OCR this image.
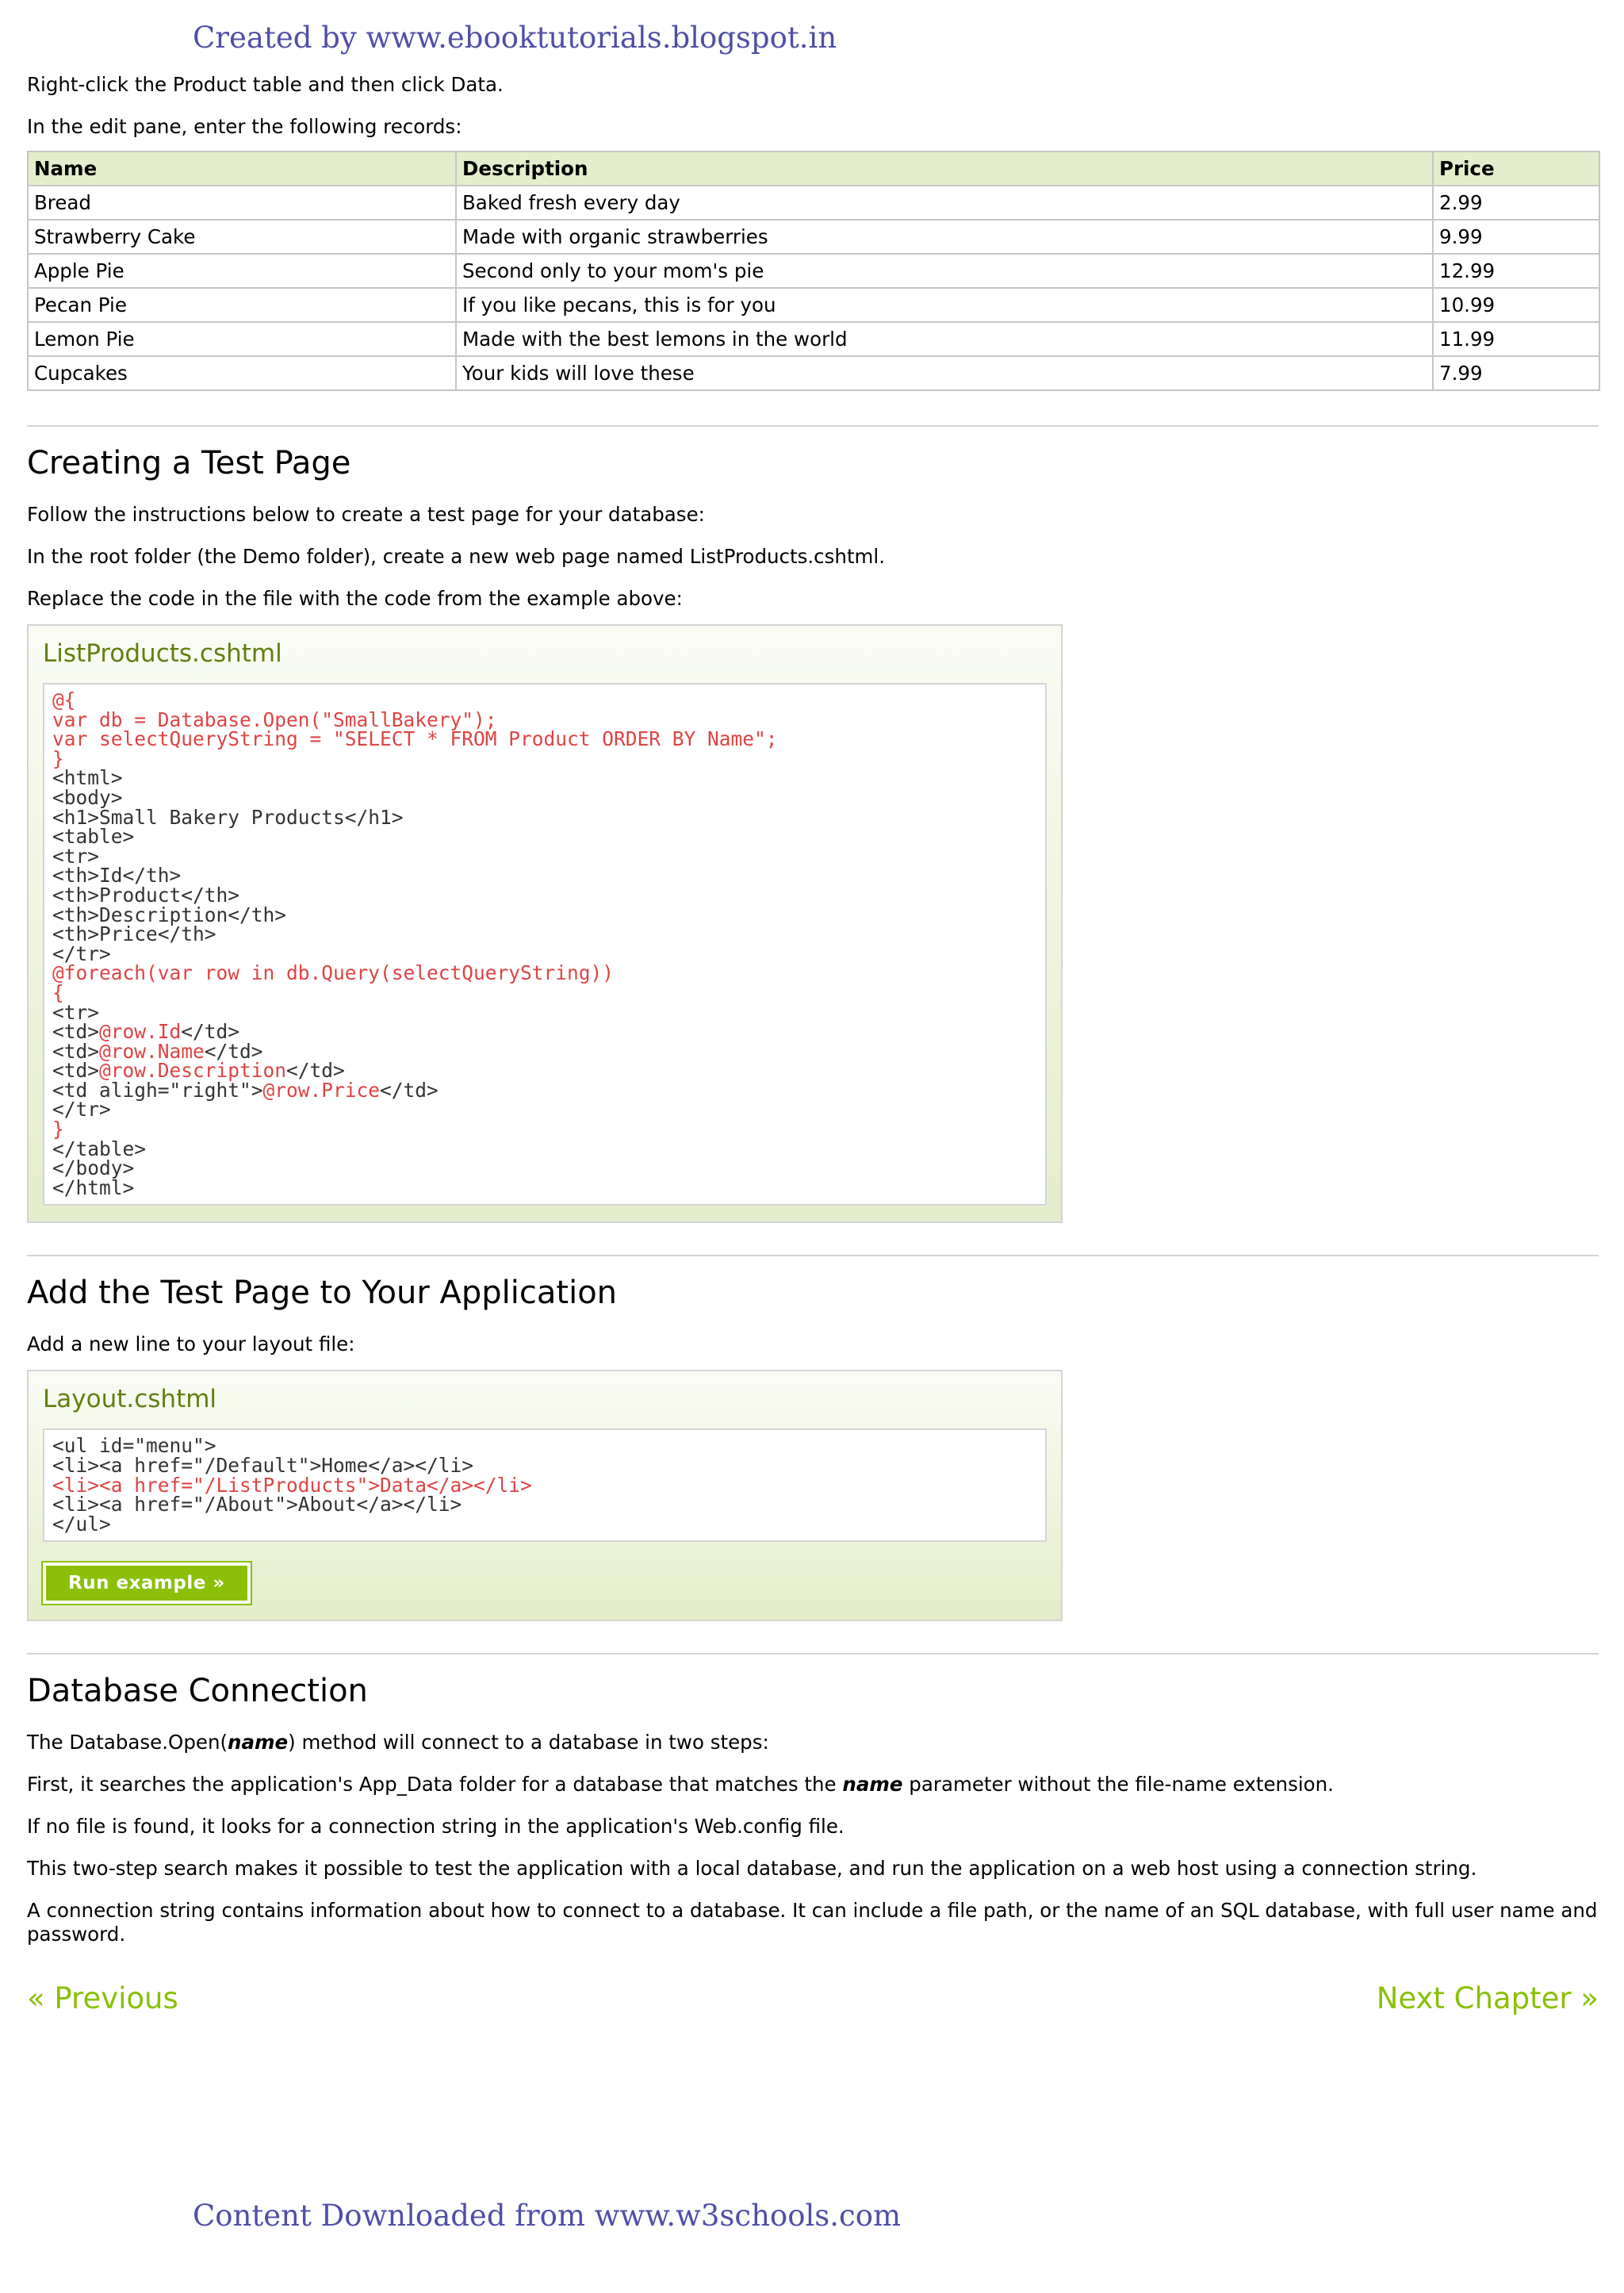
Created by www.ebooktutorials.blogspot.in

Right-click the Product table and then click Data.

In the edit pane, enter the following records:

Name	Description	Price
Bread	Baked fresh every day	2.99
Strawberry Cake	Made with organic strawberries	9.99
Apple Pie	Second only to your mom's pie	12.99
Pecan Pie	If you like pecans, this is for you	10.99
Lemon Pie	Made with the best lemons in the world	11.99
Cupcakes	Your kids will love these	7.99
Creating a Test Page

Follow the instructions below to create a test page for your database:

In the root folder (the Demo folder), create a new web page named ListProducts.cshtml.

Replace the code in the file with the code from the example above:

ListProducts.cshtml
@{
var db = Database.Open("SmallBakery");
var selectQueryString = "SELECT * FROM Product ORDER BY Name";
}
<html>
<body>
<h1>Small Bakery Products</h1>
<table>
<tr>
<th>Id</th>
<th>Product</th>
<th>Description</th>
<th>Price</th>
</tr>
@foreach(var row in db.Query(selectQueryString))
{
<tr>
<td>@row.Id</td>
<td>@row.Name</td>
<td>@row.Description</td>
<td aligh="right">@row.Price</td>
</tr>
}
</table>
</body>
</html>
Add the Test Page to Your Application

Add a new line to your layout file:

Layout.cshtml
<ul id="menu">
<li><a href="/Default">Home</a></li>
<li><a href="/ListProducts">Data</a></li>
<li><a href="/About">About</a></li>
</ul>
Run example »
Database Connection

The Database.Open(name) method will connect to a database in two steps:

First, it searches the application's App_Data folder for a database that matches the name parameter without the file-name extension.

If no file is found, it looks for a connection string in the application's Web.config file.

This two-step search makes it possible to test the application with a local database, and run the application on a web host using a connection string.

A connection string contains information about how to connect to a database. It can include a file path, or the name of an SQL database, with full user name and password.

« Previous	Next Chapter »
Content Downloaded from www.w3schools.com
